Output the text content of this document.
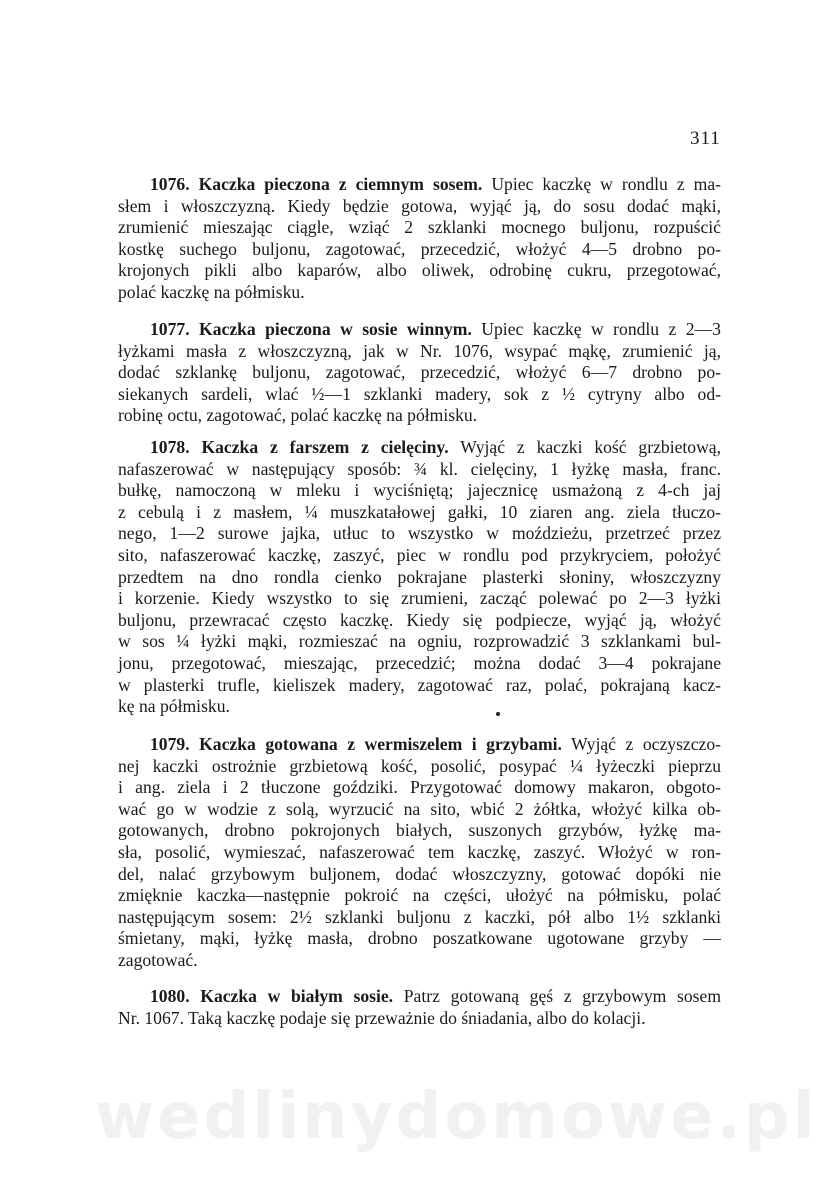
311
wedlinydomowe.pl
1076. Kaczka pieczona z ciemnym sosem. Upiec kaczkę w rondlu z ma-
słem i włoszczyzną. Kiedy będzie gotowa, wyjąć ją, do sosu dodać mąki,
zrumienić mieszając ciągle, wziąć 2 szklanki mocnego buljonu, rozpuścić
kostkę suchego buljonu, zagotować, przecedzić, włożyć 4—5 drobno po-
krojonych pikli albo kaparów, albo oliwek, odrobinę cukru, przegotować,
polać kaczkę na półmisku.
1077. Kaczka pieczona w sosie winnym. Upiec kaczkę w rondlu z 2—3
łyżkami masła z włoszczyzną, jak w Nr. 1076, wsypać mąkę, zrumienić ją,
dodać szklankę buljonu, zagotować, przecedzić, włożyć 6—7 drobno po-
siekanych sardeli, wlać ½—1 szklanki madery, sok z ½ cytryny albo od-
robinę octu, zagotować, polać kaczkę na półmisku.
1078. Kaczka z farszem z cielęciny. Wyjąć z kaczki kość grzbietową,
nafaszerować w następujący sposób: ¾ kl. cielęciny, 1 łyżkę masła, franc.
bułkę, namoczoną w mleku i wyciśniętą; jajecznicę usmażoną z 4-ch jaj
z cebulą i z masłem, ¼ muszkatałowej gałki, 10 ziaren ang. ziela tłuczo-
nego, 1—2 surowe jajka, utłuc to wszystko w moździeżu, przetrzeć przez
sito, nafaszerować kaczkę, zaszyć, piec w rondlu pod przykryciem, położyć
przedtem na dno rondla cienko pokrajane plasterki słoniny, włoszczyzny
i korzenie. Kiedy wszystko to się zrumieni, zacząć polewać po 2—3 łyżki
buljonu, przewracać często kaczkę. Kiedy się podpiecze, wyjąć ją, włożyć
w sos ¼ łyżki mąki, rozmieszać na ogniu, rozprowadzić 3 szklankami bul-
jonu, przegotować, mieszając, przecedzić; można dodać 3—4 pokrajane
w plasterki trufle, kieliszek madery, zagotować raz, polać, pokrajaną kacz-
kę na półmisku.
1079. Kaczka gotowana z wermiszelem i grzybami. Wyjąć z oczyszczo-
nej kaczki ostrożnie grzbietową kość, posolić, posypać ¼ łyżeczki pieprzu
i ang. ziela i 2 tłuczone goździki. Przygotować domowy makaron, obgoto-
wać go w wodzie z solą, wyrzucić na sito, wbić 2 żółtka, włożyć kilka ob-
gotowanych, drobno pokrojonych białych, suszonych grzybów, łyżkę ma-
sła, posolić, wymieszać, nafaszerować tem kaczkę, zaszyć. Włożyć w ron-
del, nalać grzybowym buljonem, dodać włoszczyzny, gotować dopóki nie
zmięknie kaczka—następnie pokroić na części, ułożyć na półmisku, polać
następującym sosem: 2½ szklanki buljonu z kaczki, pół albo 1½ szklanki
śmietany, mąki, łyżkę masła, drobno poszatkowane ugotowane grzyby —
zagotować.
1080. Kaczka w białym sosie. Patrz gotowaną gęś z grzybowym sosem
Nr. 1067. Taką kaczkę podaje się przeważnie do śniadania, albo do kolacji.
